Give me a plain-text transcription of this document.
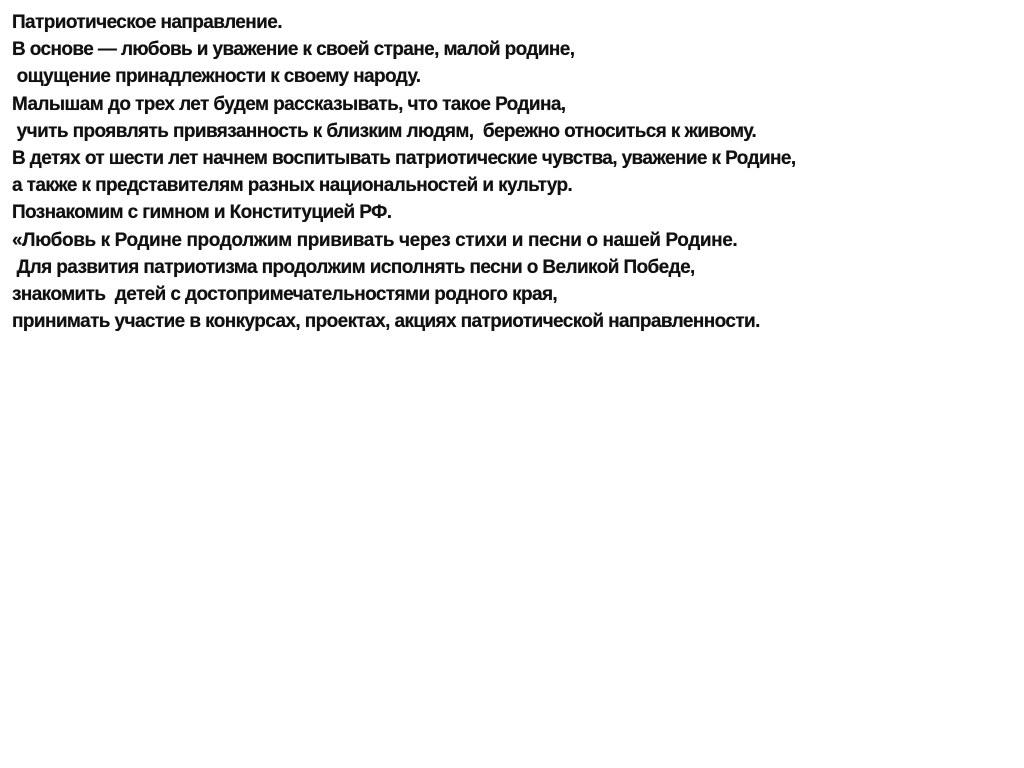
Патриотическое направление.
В основе — любовь и уважение к своей стране, малой родине,
ощущение принадлежности к своему народу.
Малышам до трех лет будем рассказывать, что такое Родина,
учить проявлять привязанность к близким людям,  бережно относиться к живому.
В детях от шести лет начнем воспитывать патриотические чувства, уважение к Родине,
а также к представителям разных национальностей и культур.
Познакомим с гимном и Конституцией РФ.
«Любовь к Родине продолжим прививать через стихи и песни о нашей Родине.
Для развития патриотизма продолжим исполнять песни о Великой Победе,
знакомить  детей с достопримечательностями родного края,
принимать участие в конкурсах, проектах, акциях патриотической направленности.
